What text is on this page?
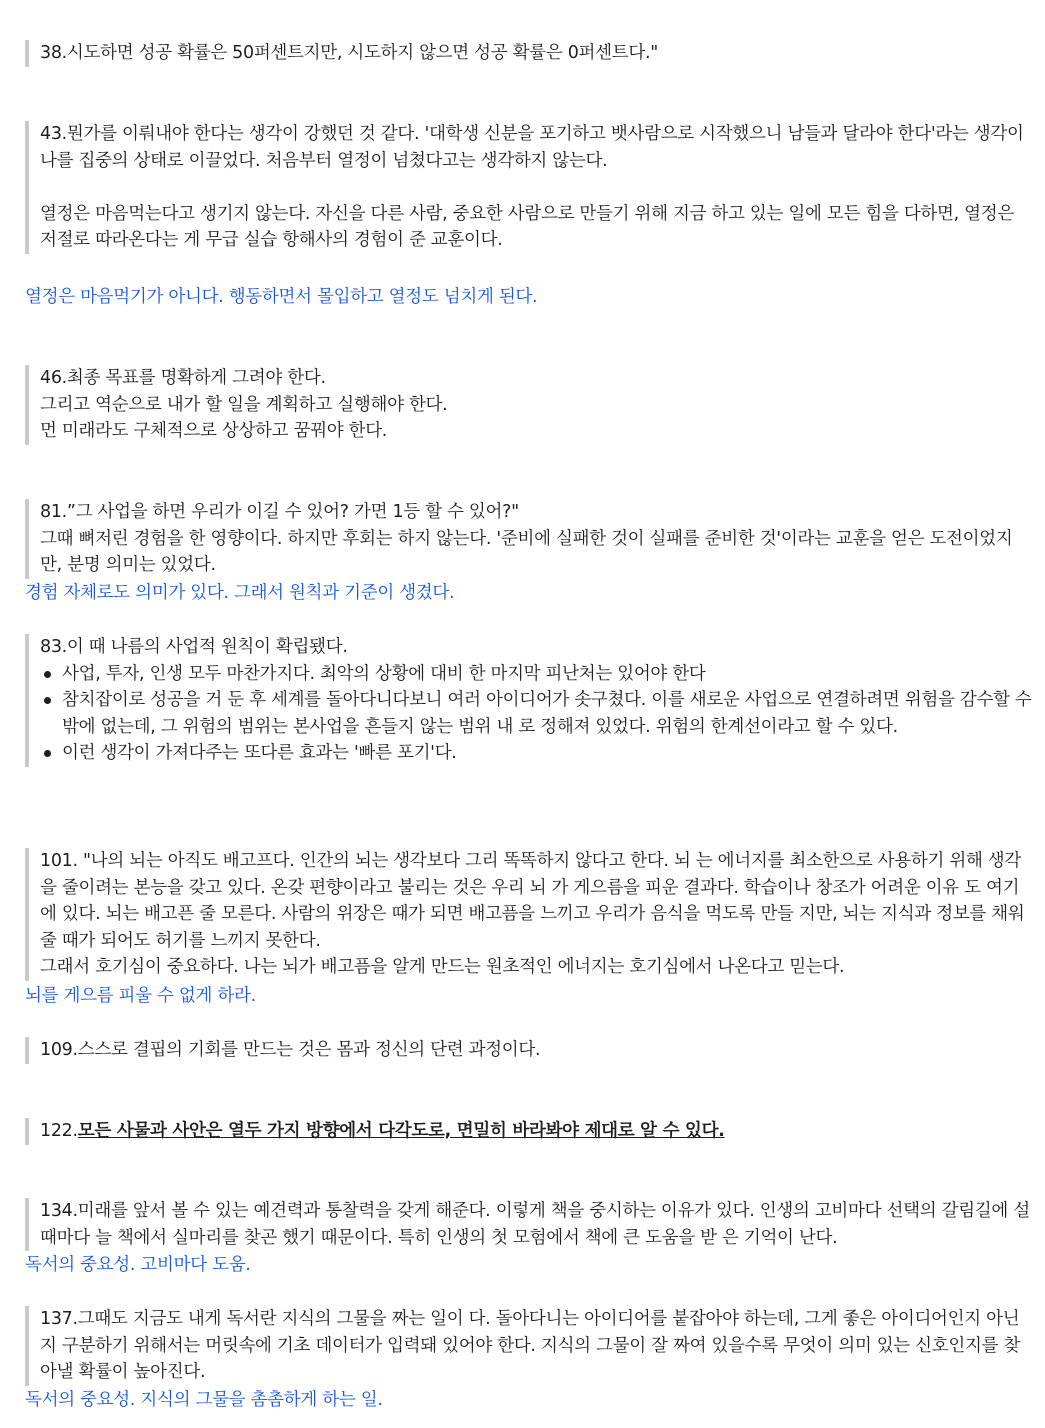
38.시도하면 성공 확률은 50퍼센트지만, 시도하지 않으면 성공 확률은 0퍼센트다."

43.뭔가를 이뤄내야 한다는 생각이 강했던 것 같다. '대학생 신분을 포기하고 뱃사람으로 시작했으니 남들과 달라야 한다'라는 생각이 나를 집중의 상태로 이끌었다. 처음부터 열정이 넘쳤다고는 생각하지 않는다.

열정은 마음먹는다고 생기지 않는다. 자신을 다른 사람, 중요한 사람으로 만들기 위해 지금 하고 있는 일에 모든 힘을 다하면, 열정은 저절로 따라온다는 게 무급 실습 항해사의 경험이 준 교훈이다.

열정은 마음먹기가 아니다. 행동하면서 몰입하고 열정도 넘치게 된다.

46.최종 목표를 명확하게 그려야 한다.

그리고 역순으로 내가 할 일을 계획하고 실행해야 한다.

먼 미래라도 구체적으로 상상하고 꿈꿔야 한다.

81.”그 사업을 하면 우리가 이길 수 있어? 가면 1등 할 수 있어?"

그때 뼈저린 경험을 한 영향이다. 하지만 후회는 하지 않는다. '준비에 실패한 것이 실패를 준비한 것'이라는 교훈을 얻은 도전이었지만, 분명 의미는 있었다.

경험 자체로도 의미가 있다. 그래서 원칙과 기준이 생겼다.

83.이 때 나름의 사업적 원칙이 확립됐다.

사업, 투자, 인생 모두 마찬가지다. 최악의 상황에 대비 한 마지막 피난처는 있어야 한다
참치잡이로 성공을 거 둔 후 세계를 돌아다니다보니 여러 아이디어가 솟구쳤다. 이를 새로운 사업으로 연결하려면 위험을 감수할 수밖에 없는데, 그 위험의 범위는 본사업을 흔들지 않는 범위 내 로 정해져 있었다. 위험의 한계선이라고 할 수 있다.
이런 생각이 가져다주는 또다른 효과는 '빠른 포기'다.

101. "나의 뇌는 아직도 배고프다. 인간의 뇌는 생각보다 그리 똑똑하지 않다고 한다. 뇌 는 에너지를 최소한으로 사용하기 위해 생각을 줄이려는 본능을 갖고 있다. 온갖 편향이라고 불리는 것은 우리 뇌 가 게으름을 피운 결과다. 학습이나 창조가 어려운 이유 도 여기에 있다. 뇌는 배고픈 줄 모른다. 사람의 위장은 때가 되면 배고픔을 느끼고 우리가 음식을 먹도록 만들 지만, 뇌는 지식과 정보를 채워줄 때가 되어도 허기를 느끼지 못한다.

그래서 호기심이 중요하다. 나는 뇌가 배고픔을 알게 만드는 원초적인 에너지는 호기심에서 나온다고 믿는다.

뇌를 게으름 피울 수 없게 하라.

109.스스로 결핍의 기회를 만드는 것은 몸과 정신의 단련 과정이다.

122.모든 사물과 사안은 열두 가지 방향에서 다각도로, 면밀히 바라봐야 제대로 알 수 있다.

134.미래를 앞서 볼 수 있는 예견력과 통찰력을 갖게 해준다. 이렇게 책을 중시하는 이유가 있다. 인생의 고비마다 선택의 갈림길에 설 때마다 늘 책에서 실마리를 찾곤 했기 때문이다. 특히 인생의 첫 모험에서 책에 큰 도움을 받 은 기억이 난다.

독서의 중요성. 고비마다 도움.

137.그때도 지금도 내게 독서란 지식의 그물을 짜는 일이 다. 돌아다니는 아이디어를 붙잡아야 하는데, 그게 좋은 아이디어인지 아닌지 구분하기 위해서는 머릿속에 기초 데이터가 입력돼 있어야 한다. 지식의 그물이 잘 짜여 있을수록 무엇이 의미 있는 신호인지를 찾아낼 확률이 높아진다.

독서의 중요성. 지식의 그물을 촘촘하게 하는 일.
